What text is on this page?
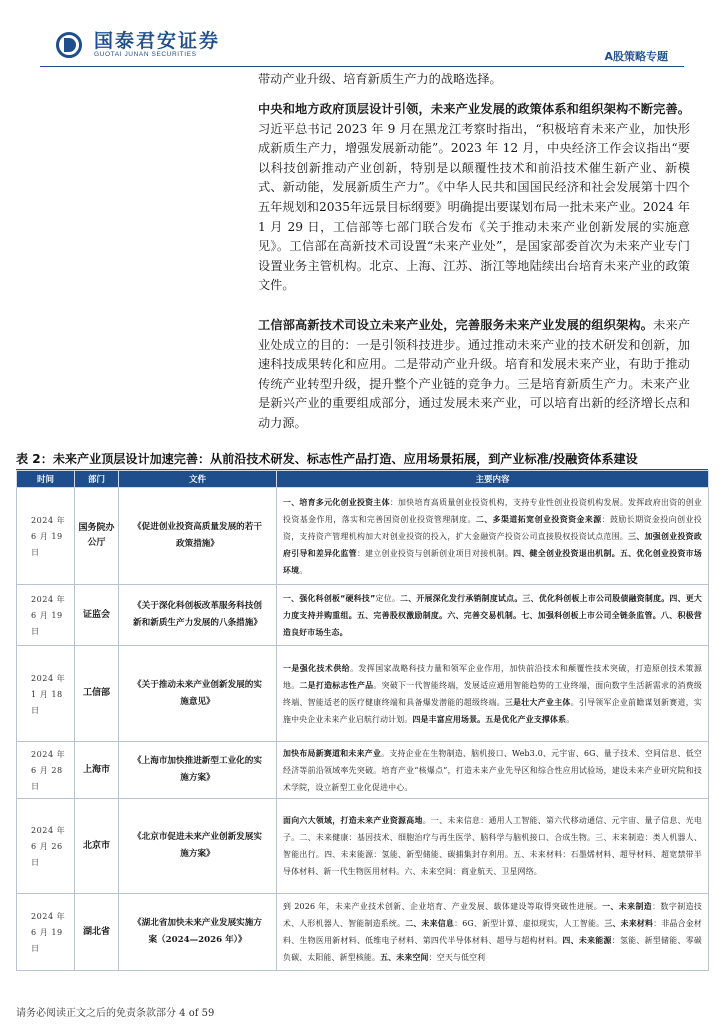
国泰君安证券
GUOTAI JUNAN SECURITIES	A股策略专题
带动产业升级、培育新质生产力的战略选择。
中央和地方政府顶层设计引领，未来产业发展的政策体系和组织架构不断完善。习近平总书记 2023 年 9 月在黑龙江考察时指出，“积极培育未来产业，加快形成新质生产力，增强发展新动能”。2023 年 12 月，中央经济工作会议指出“要以科技创新推动产业创新，特别是以颠覆性技术和前沿技术催生新产业、新模式、新动能，发展新质生产力”。《中华人民共和国国民经济和社会发展第十四个五年规划和2035年远景目标纲要》明确提出要谋划布局一批未来产业。2024 年 1 月 29 日，工信部等七部门联合发布《关于推动未来产业创新发展的实施意见》。工信部在高新技术司设置“未来产业处”，是国家部委首次为未来产业专门设置业务主管机构。北京、上海、江苏、浙江等地陆续出台培育未来产业的政策文件。
工信部高新技术司设立未来产业处，完善服务未来产业发展的组织架构。未来产业处成立的目的：一是引领科技进步。通过推动未来产业的技术研发和创新，加速科技成果转化和应用。二是带动产业升级。培育和发展未来产业，有助于推动传统产业转型升级，提升整个产业链的竞争力。三是培育新质生产力。未来产业是新兴产业的重要组成部分，通过发展未来产业，可以培育出新的经济增长点和动力源。
表 2：未来产业顶层设计加速完善：从前沿技术研发、标志性产品打造、应用场景拓展，到产业标准/投融资体系建设
时间	部门	文件	主要内容
2024 年 6 月 19 日	国务院办公厅	《促进创业投资高质量发展的若干政策措施》	一、培育多元化创业投资主体：加快培育高质量创业投资机构，支持专业性创业投资机构发展。发挥政府出资的创业投资基金作用，落实和完善国资创业投资管理制度。二、多渠道拓宽创业投资资金来源：鼓励长期资金投向创业投资，支持资产管理机构加大对创业投资的投入，扩大金融资产投资公司直接股权投资试点范围。三、加强创业投资政府引导和差异化监管：建立创业投资与创新创业项目对接机制。四、健全创业投资退出机制。五、优化创业投资市场环境。
2024 年 6 月 19 日	证监会	《关于深化科创板改革服务科技创新和新质生产力发展的八条措施》	一、强化科创板“硬科技”定位。二、开展深化发行承销制度试点。三、优化科创板上市公司股债融资制度。四、更大力度支持并购重组。五、完善股权激励制度。六、完善交易机制。七、加强科创板上市公司全链条监管。八、积极营造良好市场生态。
2024 年 1 月 18 日	工信部	《关于推动未来产业创新发展的实施意见》	一是强化技术供给。发挥国家战略科技力量和领军企业作用，加快前沿技术和颠覆性技术突破，打造原创技术策源地。二是打造标志性产品。突破下一代智能终端，发展适应通用智能趋势的工业终端，面向数字生活新需求的消费级终端、智能适老的医疗健康终端和具备爆发潜能的超级终端。三是壮大产业主体。引导领军企业前瞻谋划新赛道，实施中央企业未来产业启航行动计划。四是丰富应用场景。五是优化产业支撑体系。
2024 年 6 月 28 日	上海市	《上海市加快推进新型工业化的实施方案》	加快布局新赛道和未来产业。支持企业在生物制造、脑机接口、Web3.0、元宇宙、6G、量子技术、空间信息、低空经济等前沿领域率先突破。培育产业“核爆点”，打造未来产业先导区和综合性应用试验场，建设未来产业研究院和技术学院，设立新型工业化促进中心。
2024 年 6 月 26 日	北京市	《北京市促进未来产业创新发展实施方案》	面向六大领域，打造未来产业资源高地。一、未来信息：通用人工智能、第六代移动通信、元宇宙、量子信息、光电子。二、未来健康：基因技术、细胞治疗与再生医学、脑科学与脑机接口、合成生物。三、未来制造：类人机器人、智能出行。四、未来能源：氢能、新型储能、碳捕集封存利用。五、未来材料：石墨烯材料、超导材料、超宽禁带半导体材料、新一代生物医用材料。六、未来空间：商业航天、卫星网络。
2024 年 6 月 19 日	湖北省	《湖北省加快未来产业发展实施方案（2024—2026 年）》	到 2026 年，未来产业技术创新、企业培育、产业发展、载体建设等取得突破性进展。一、未来制造：数字制造技术、人形机器人、智能制造系统。二、未来信息：6G、新型计算、虚拟现实，人工智能。三、未来材料：非晶合金材料、生物医用新材料、低维电子材料、第四代半导体材料、超导与超构材料。四、未来能源：氢能、新型储能、零碳负碳、太阳能、新型核能。五、未来空间：空天与低空利
请务必阅读正文之后的免责条款部分 4 of 59
